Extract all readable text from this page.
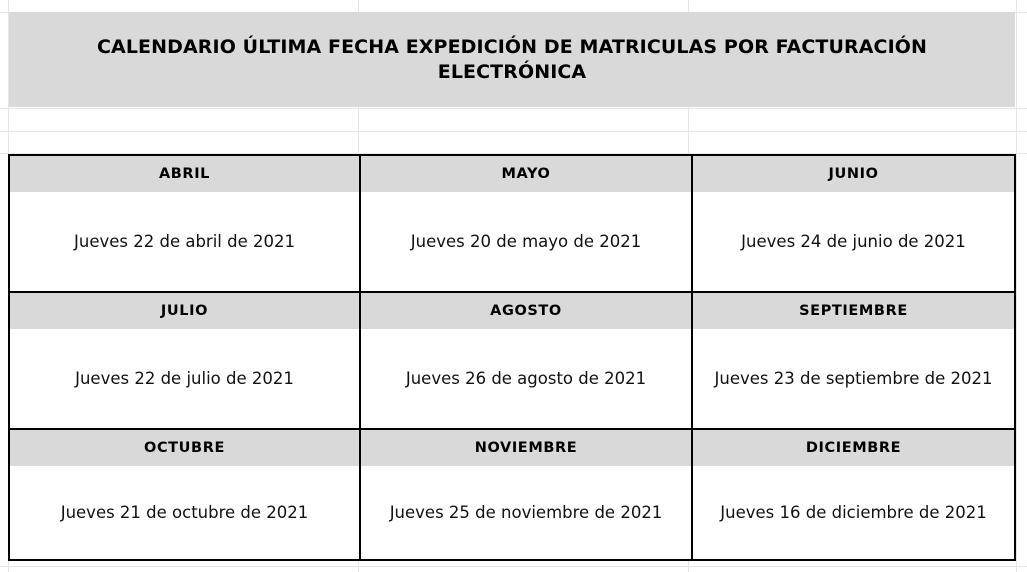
CALENDARIO ÚLTIMA FECHA EXPEDICIÓN DE MATRICULAS POR FACTURACIÓN ELECTRÓNICA
ABRIL
Jueves 22 de abril de 2021
MAYO
Jueves 20 de mayo de 2021
JUNIO
Jueves 24 de junio de 2021
JULIO
Jueves 22 de julio de 2021
AGOSTO
Jueves 26 de agosto de 2021
SEPTIEMBRE
Jueves 23 de septiembre de 2021
OCTUBRE
Jueves 21 de octubre de 2021
NOVIEMBRE
Jueves 25 de noviembre de 2021
DICIEMBRE
Jueves 16 de diciembre de 2021
